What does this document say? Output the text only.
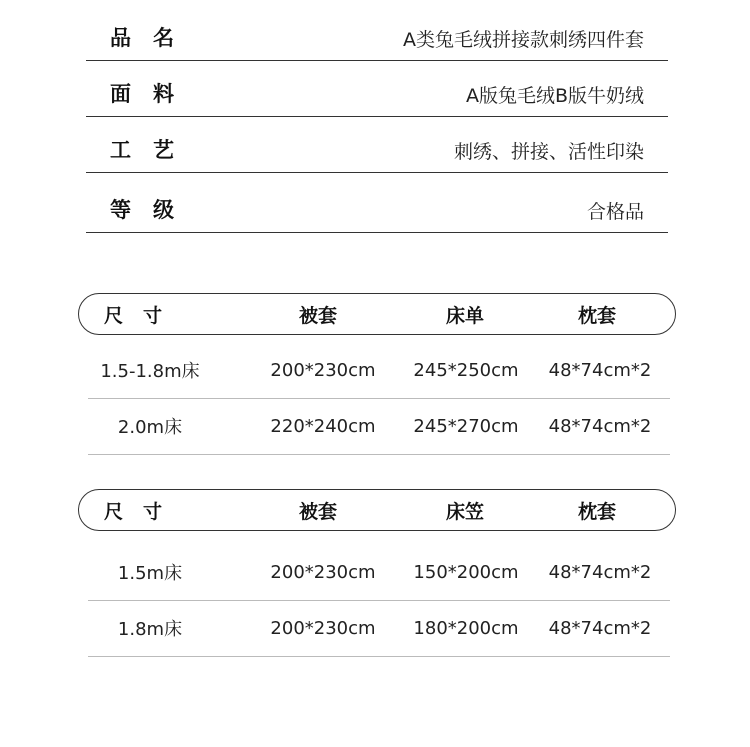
品名	A类兔毛绒拼接款刺绣四件套
面料	A版兔毛绒B版牛奶绒
工艺	刺绣、拼接、活性印染
等级	合格品
尺寸	被套	床单	枕套
1.5-1.8m床	200*230cm 245*250cm 48*74cm*2
2.0m床	220*240cm 245*270cm 48*74cm*2
尺寸	被套	床笠	枕套
1.5m床	200*230cm 150*200cm 48*74cm*2
1.8m床	200*230cm 180*200cm 48*74cm*2
